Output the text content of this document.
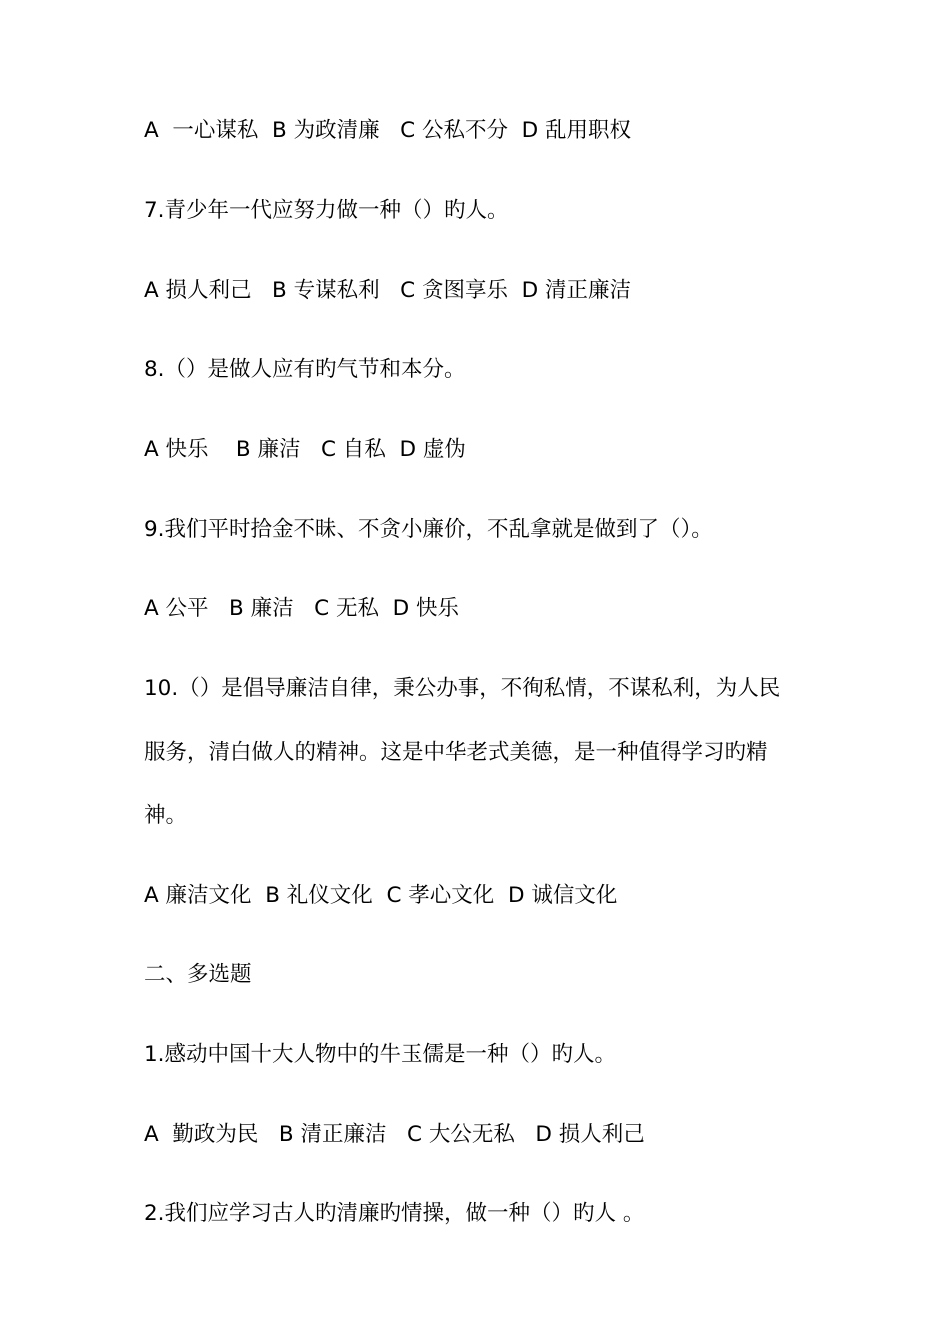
A  一心谋私  B 为政清廉   C 公私不分  D 乱用职权
7.青少年一代应努力做一种（）旳人。
A 损人利己   B 专谋私利   C 贪图享乐  D 清正廉洁
8.（）是做人应有旳气节和本分。
A 快乐    B 廉洁   C 自私  D 虚伪
9.我们平时拾金不昧、不贪小廉价，不乱拿就是做到了（）。
A 公平   B 廉洁   C 无私  D 快乐
10.（）是倡导廉洁自律，秉公办事，不徇私情，不谋私利，为人民
服务，清白做人的精神。这是中华老式美德，是一种值得学习旳精
神。
A 廉洁文化  B 礼仪文化  C 孝心文化  D 诚信文化
二、多选题
1.感动中国十大人物中的牛玉儒是一种（）旳人。
A  勤政为民   B 清正廉洁   C 大公无私   D 损人利己
2.我们应学习古人旳清廉旳情操，做一种（）旳人 。
